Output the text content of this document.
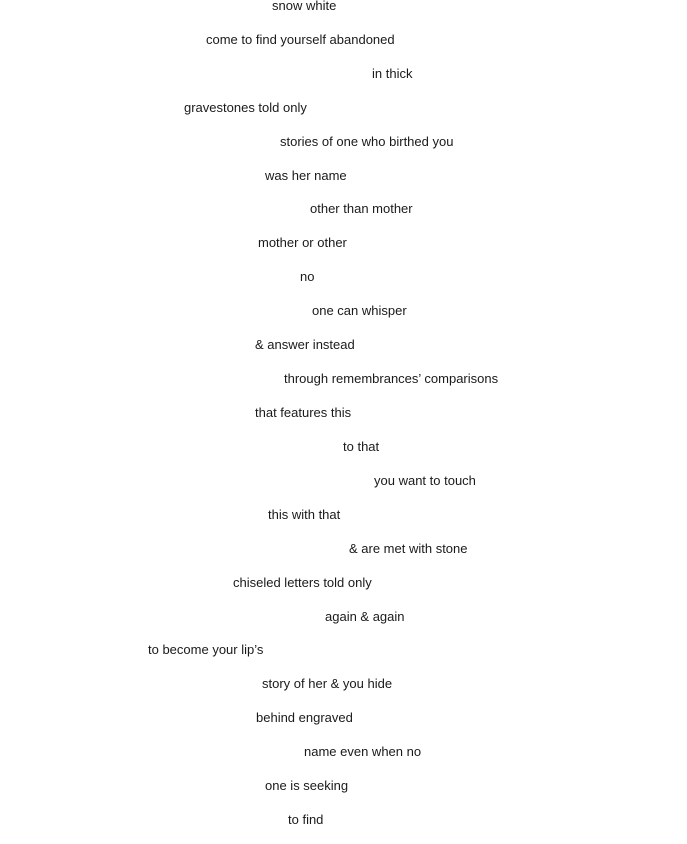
snow white
come to find yourself abandoned
in thick
gravestones told only
stories of one who birthed you
was her name
other than mother
mother or other
no
one can whisper
& answer instead
through remembrances’ comparisons
that features this
to that
you want to touch
this with that
& are met with stone
chiseled letters told only
again & again
to become your lip’s
story of her & you hide
behind engraved
name even when no
one is seeking
to find
